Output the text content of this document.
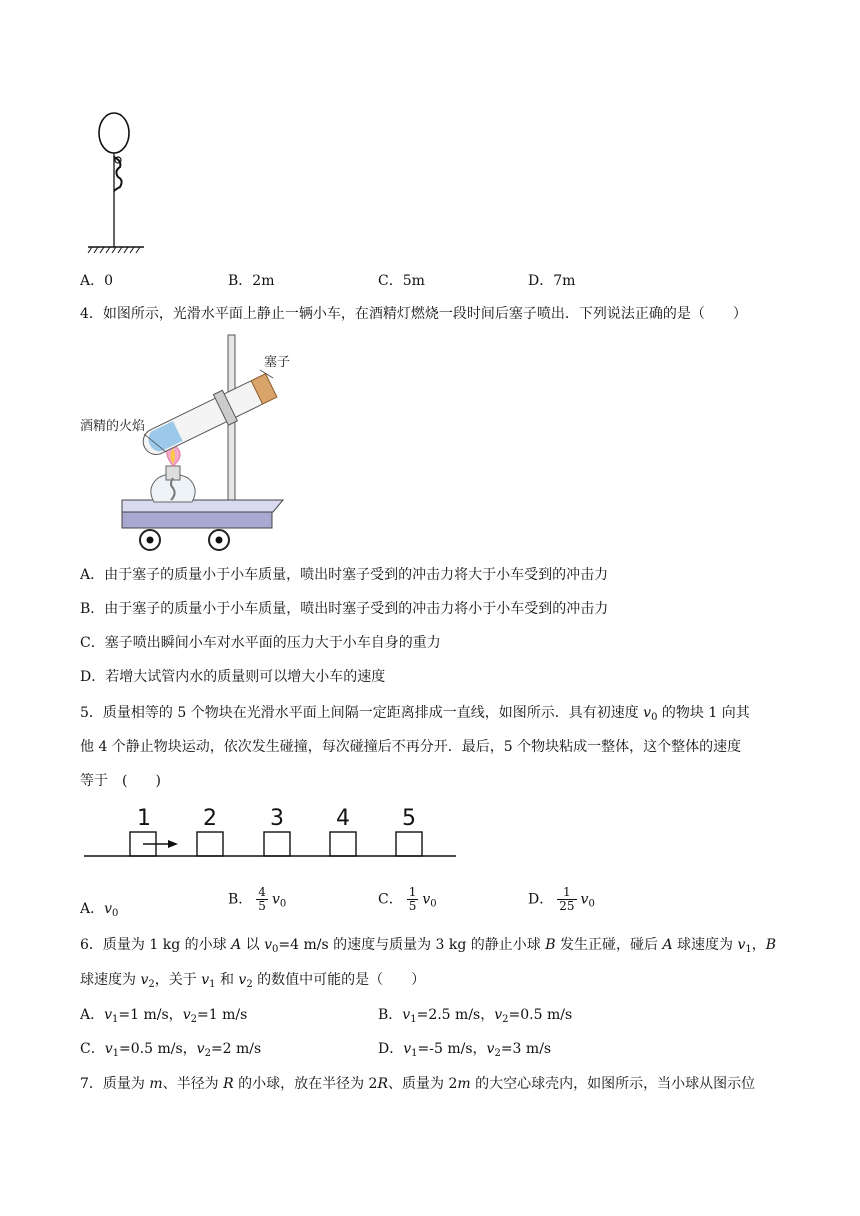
A．0	B．2m	C．5m	D．7m
4．如图所示，光滑水平面上静止一辆小车，在酒精灯燃烧一段时间后塞子喷出．下列说法正确的是（　　）
塞子
酒精的火焰
A．由于塞子的质量小于小车质量，喷出时塞子受到的冲击力将大于小车受到的冲击力
B．由于塞子的质量小于小车质量，喷出时塞子受到的冲击力将小于小车受到的冲击力
C．塞子喷出瞬间小车对水平面的压力大于小车自身的重力
D．若增大试管内水的质量则可以增大小车的速度
5．质量相等的 5 个物块在光滑水平面上间隔一定距离排成一直线，如图所示．具有初速度 $v_0$ 的物块 1 向其
他 4 个静止物块运动，依次发生碰撞，每次碰撞后不再分开．最后，5 个物块粘成一整体，这个整体的速度
等于　(　　)
1 2 3 4 5
A．$v_0$
B． $\frac{4}{5} v_0$	C． $\frac{1}{5} v_0$	D． $\frac{1}{25} v_0$
6．质量为 1 kg 的小球 A 以 $v_0=4$ m/s 的速度与质量为 3 kg 的静止小球 B 发生正碰，碰后 A 球速度为 $v_1$，B
球速度为 $v_2$，关于 $v_1$ 和 $v_2$ 的数值中可能的是（　　）
A．$v_1=1$ m/s，$v_2=1$ m/s	B．$v_1=2.5$ m/s，$v_2=0.5$ m/s
C．$v_1=0.5$ m/s，$v_2=2$ m/s	D．$v_1=-5$ m/s，$v_2=3$ m/s
7．质量为 m、半径为 R 的小球，放在半径为 2R、质量为 2m 的大空心球壳内，如图所示，当小球从图示位
